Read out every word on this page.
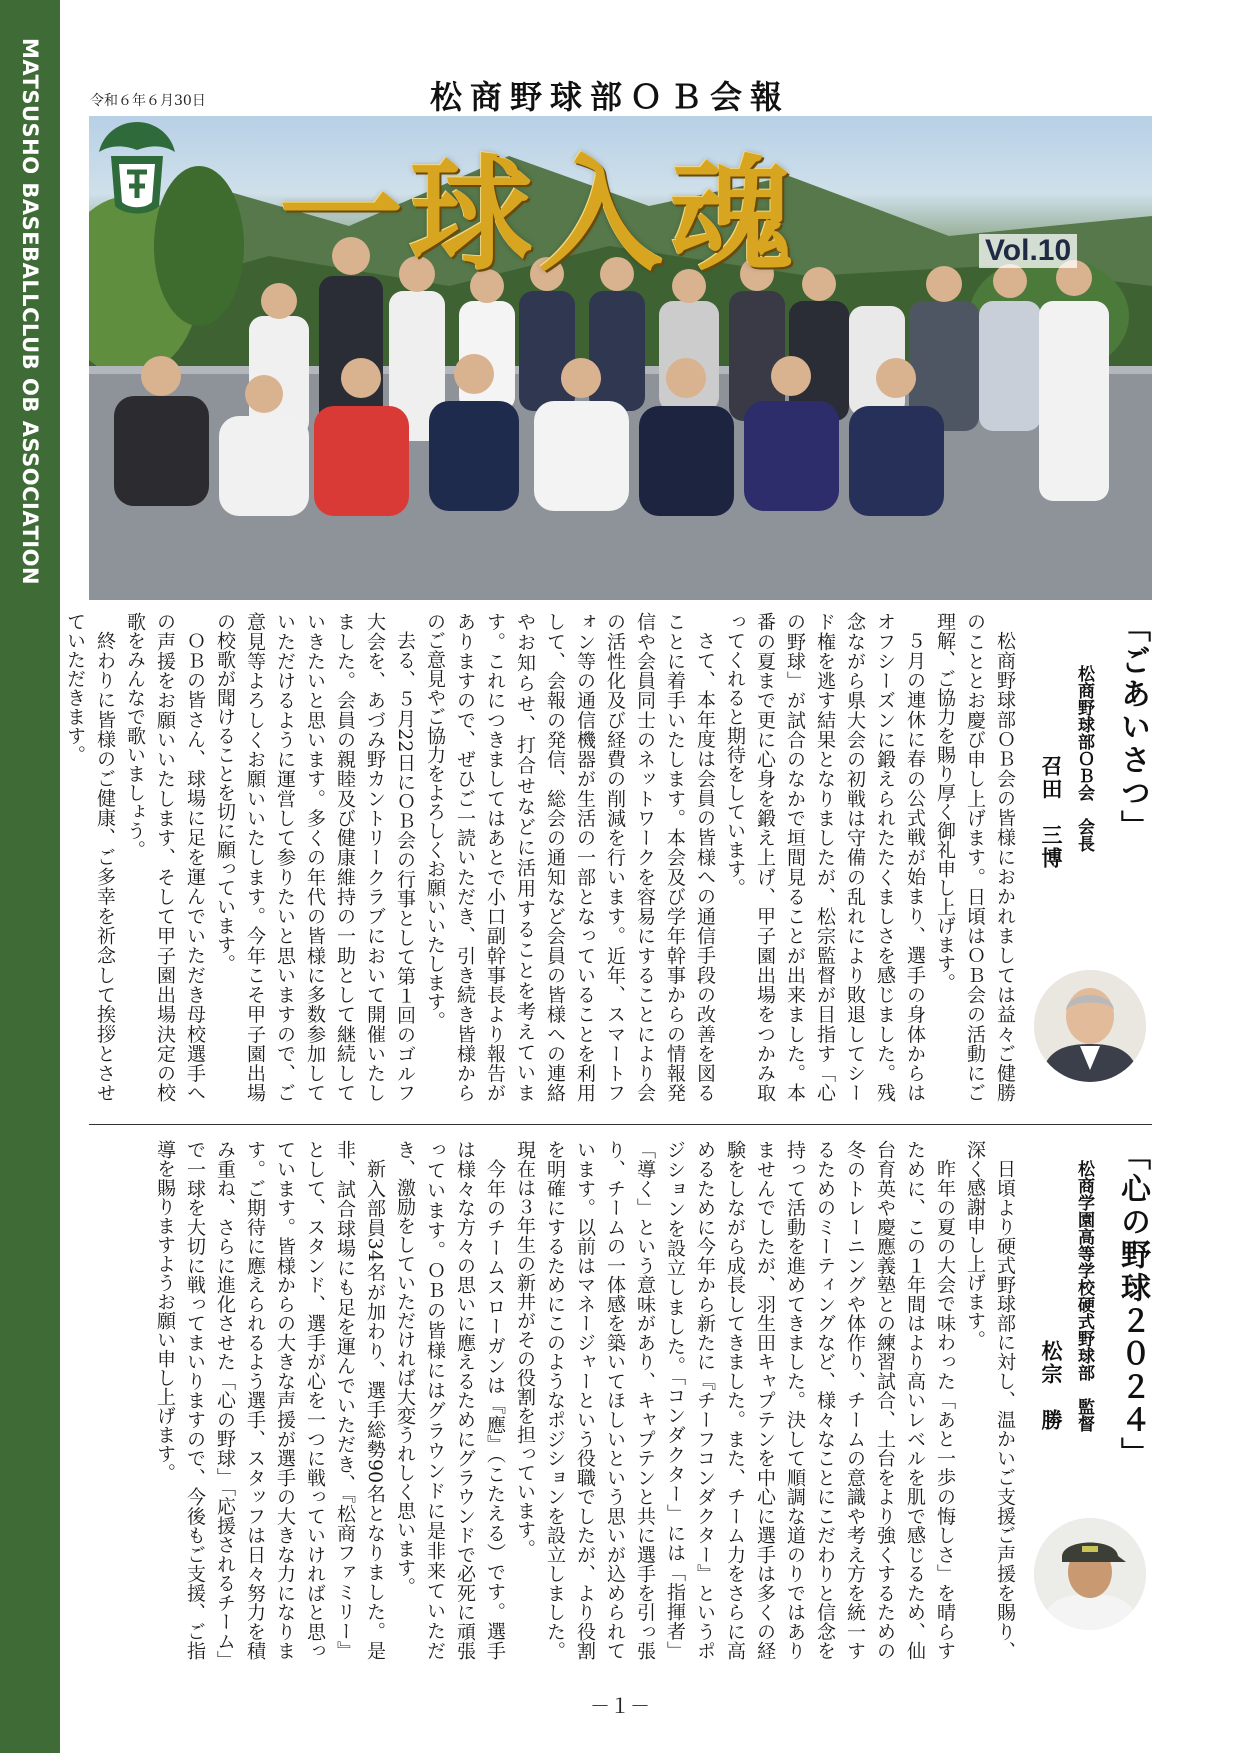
MATSUSHO BASEBALLCLUB OB ASSOCIATION	令和６年６月30日	松商野球部ＯＢ会報
一球入魂	Vol.10
「ごあいさつ」
松商野球部ＯＢ会　会長
召田　三博

松商野球部ＯＢ会の皆様におかれましては益々ご健勝のこととお慶び申し上げます。日頃はＯＢ会の活動にご理解、ご協力を賜り厚く御礼申し上げます。

５月の連休に春の公式戦が始まり、選手の身体からはオフシーズンに鍛えられたたくましさを感じました。残念ながら県大会の初戦は守備の乱れにより敗退してシード権を逃す結果となりましたが、松宗監督が目指す「心の野球」が試合のなかで垣間見ることが出来ました。本番の夏まで更に心身を鍛え上げ、甲子園出場をつかみ取ってくれると期待をしています。

さて、本年度は会員の皆様への通信手段の改善を図ることに着手いたします。本会及び学年幹事からの情報発信や会員同士のネットワークを容易にすることにより会の活性化及び経費の削減を行います。近年、スマートフォン等の通信機器が生活の一部となっていることを利用して、会報の発信、総会の通知など会員の皆様への連絡やお知らせ、打合せなどに活用することを考えています。これにつきましてはあとで小口副幹事長より報告がありますので、ぜひご一読いただき、引き続き皆様からのご意見やご協力をよろしくお願いいたします。

去る、５月22日にＯＢ会の行事として第１回のゴルフ大会を、あづみ野カントリークラブにおいて開催いたしました。会員の親睦及び健康維持の一助として継続していきたいと思います。多くの年代の皆様に多数参加していただけるように運営して参りたいと思いますので、ご意見等よろしくお願いいたします。今年こそ甲子園出場の校歌が聞けることを切に願っています。

ＯＢの皆さん、球場に足を運んでいただき母校選手への声援をお願いいたします、そして甲子園出場決定の校歌をみんなで歌いましょう。

終わりに皆様のご健康、ご多幸を祈念して挨拶とさせていただきます。

「心の野球２０２４」
松商学園高等学校硬式野球部　監督
松宗　勝

日頃より硬式野球部に対し、温かいご支援ご声援を賜り、深く感謝申し上げます。

昨年の夏の大会で味わった「あと一歩の悔しさ」を晴らすために、この１年間はより高いレベルを肌で感じるため、仙台育英や慶應義塾との練習試合、土台をより強くするための冬のトレーニングや体作り、チームの意識や考え方を統一するためのミーティングなど、様々なことにこだわりと信念を持って活動を進めてきました。決して順調な道のりではありませんでしたが、羽生田キャプテンを中心に選手は多くの経験をしながら成長してきました。また、チーム力をさらに高めるために今年から新たに『チーフコンダクター』というポジションを設立しました。「コンダクター」には「指揮者」「導く」という意味があり、キャプテンと共に選手を引っ張り、チームの一体感を築いてほしいという思いが込められています。以前はマネージャーという役職でしたが、より役割を明確にするためにこのようなポジションを設立しました。現在は３年生の新井がその役割を担っています。

今年のチームスローガンは『應』（こたえる）です。選手は様々な方々の思いに應えるためにグラウンドで必死に頑張っています。ＯＢの皆様にはグラウンドに是非来ていただき、激励をしていただければ大変うれしく思います。

新入部員34名が加わり、選手総勢90名となりました。是非、試合球場にも足を運んでいただき、『松商ファミリー』として、スタンド、選手が心を一つに戦っていければと思っています。皆様からの大きな声援が選手の大きな力になります。ご期待に應えられるよう選手、スタッフは日々努力を積み重ね、さらに進化させた「心の野球」「応援されるチーム」で一球を大切に戦ってまいりますので、今後もご支援、ご指導を賜りますようお願い申し上げます。

－１－
